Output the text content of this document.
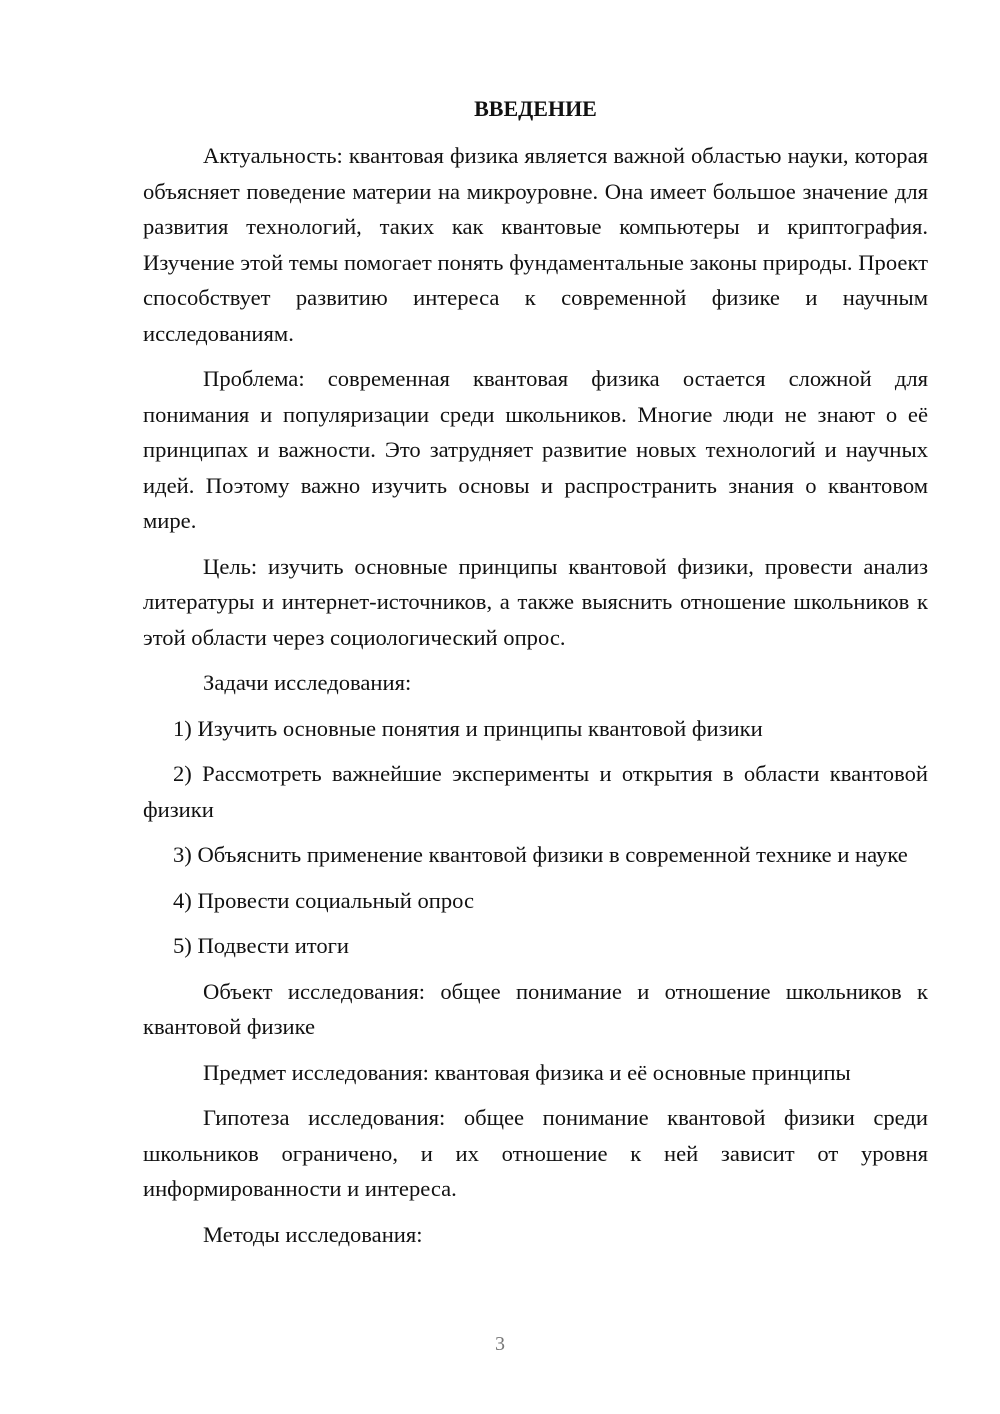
ВВЕДЕНИЕ

Актуальность: квантовая физика является важной областью науки, которая объясняет поведение материи на микроуровне. Она имеет большое значение для развития технологий, таких как квантовые компьютеры и криптография. Изучение этой темы помогает понять фундаментальные законы природы. Проект способствует развитию интереса к современной физике и научным исследованиям.

Проблема: современная квантовая физика остается сложной для понимания и популяризации среди школьников. Многие люди не знают о её принципах и важности. Это затрудняет развитие новых технологий и научных идей. Поэтому важно изучить основы и распространить знания о квантовом мире.

Цель: изучить основные принципы квантовой физики, провести анализ литературы и интернет-источников, а также выяснить отношение школьников к этой области через социологический опрос.

Задачи исследования:

1) Изучить основные понятия и принципы квантовой физики

2) Рассмотреть важнейшие эксперименты и открытия в области квантовой физики

3) Объяснить применение квантовой физики в современной технике и науке

4) Провести социальный опрос

5) Подвести итоги

Объект исследования: общее понимание и отношение школьников к квантовой физике

Предмет исследования: квантовая физика и её основные принципы

Гипотеза исследования: общее понимание квантовой физики среди школьников ограничено, и их отношение к ней зависит от уровня информированности и интереса.

Методы исследования:

3
